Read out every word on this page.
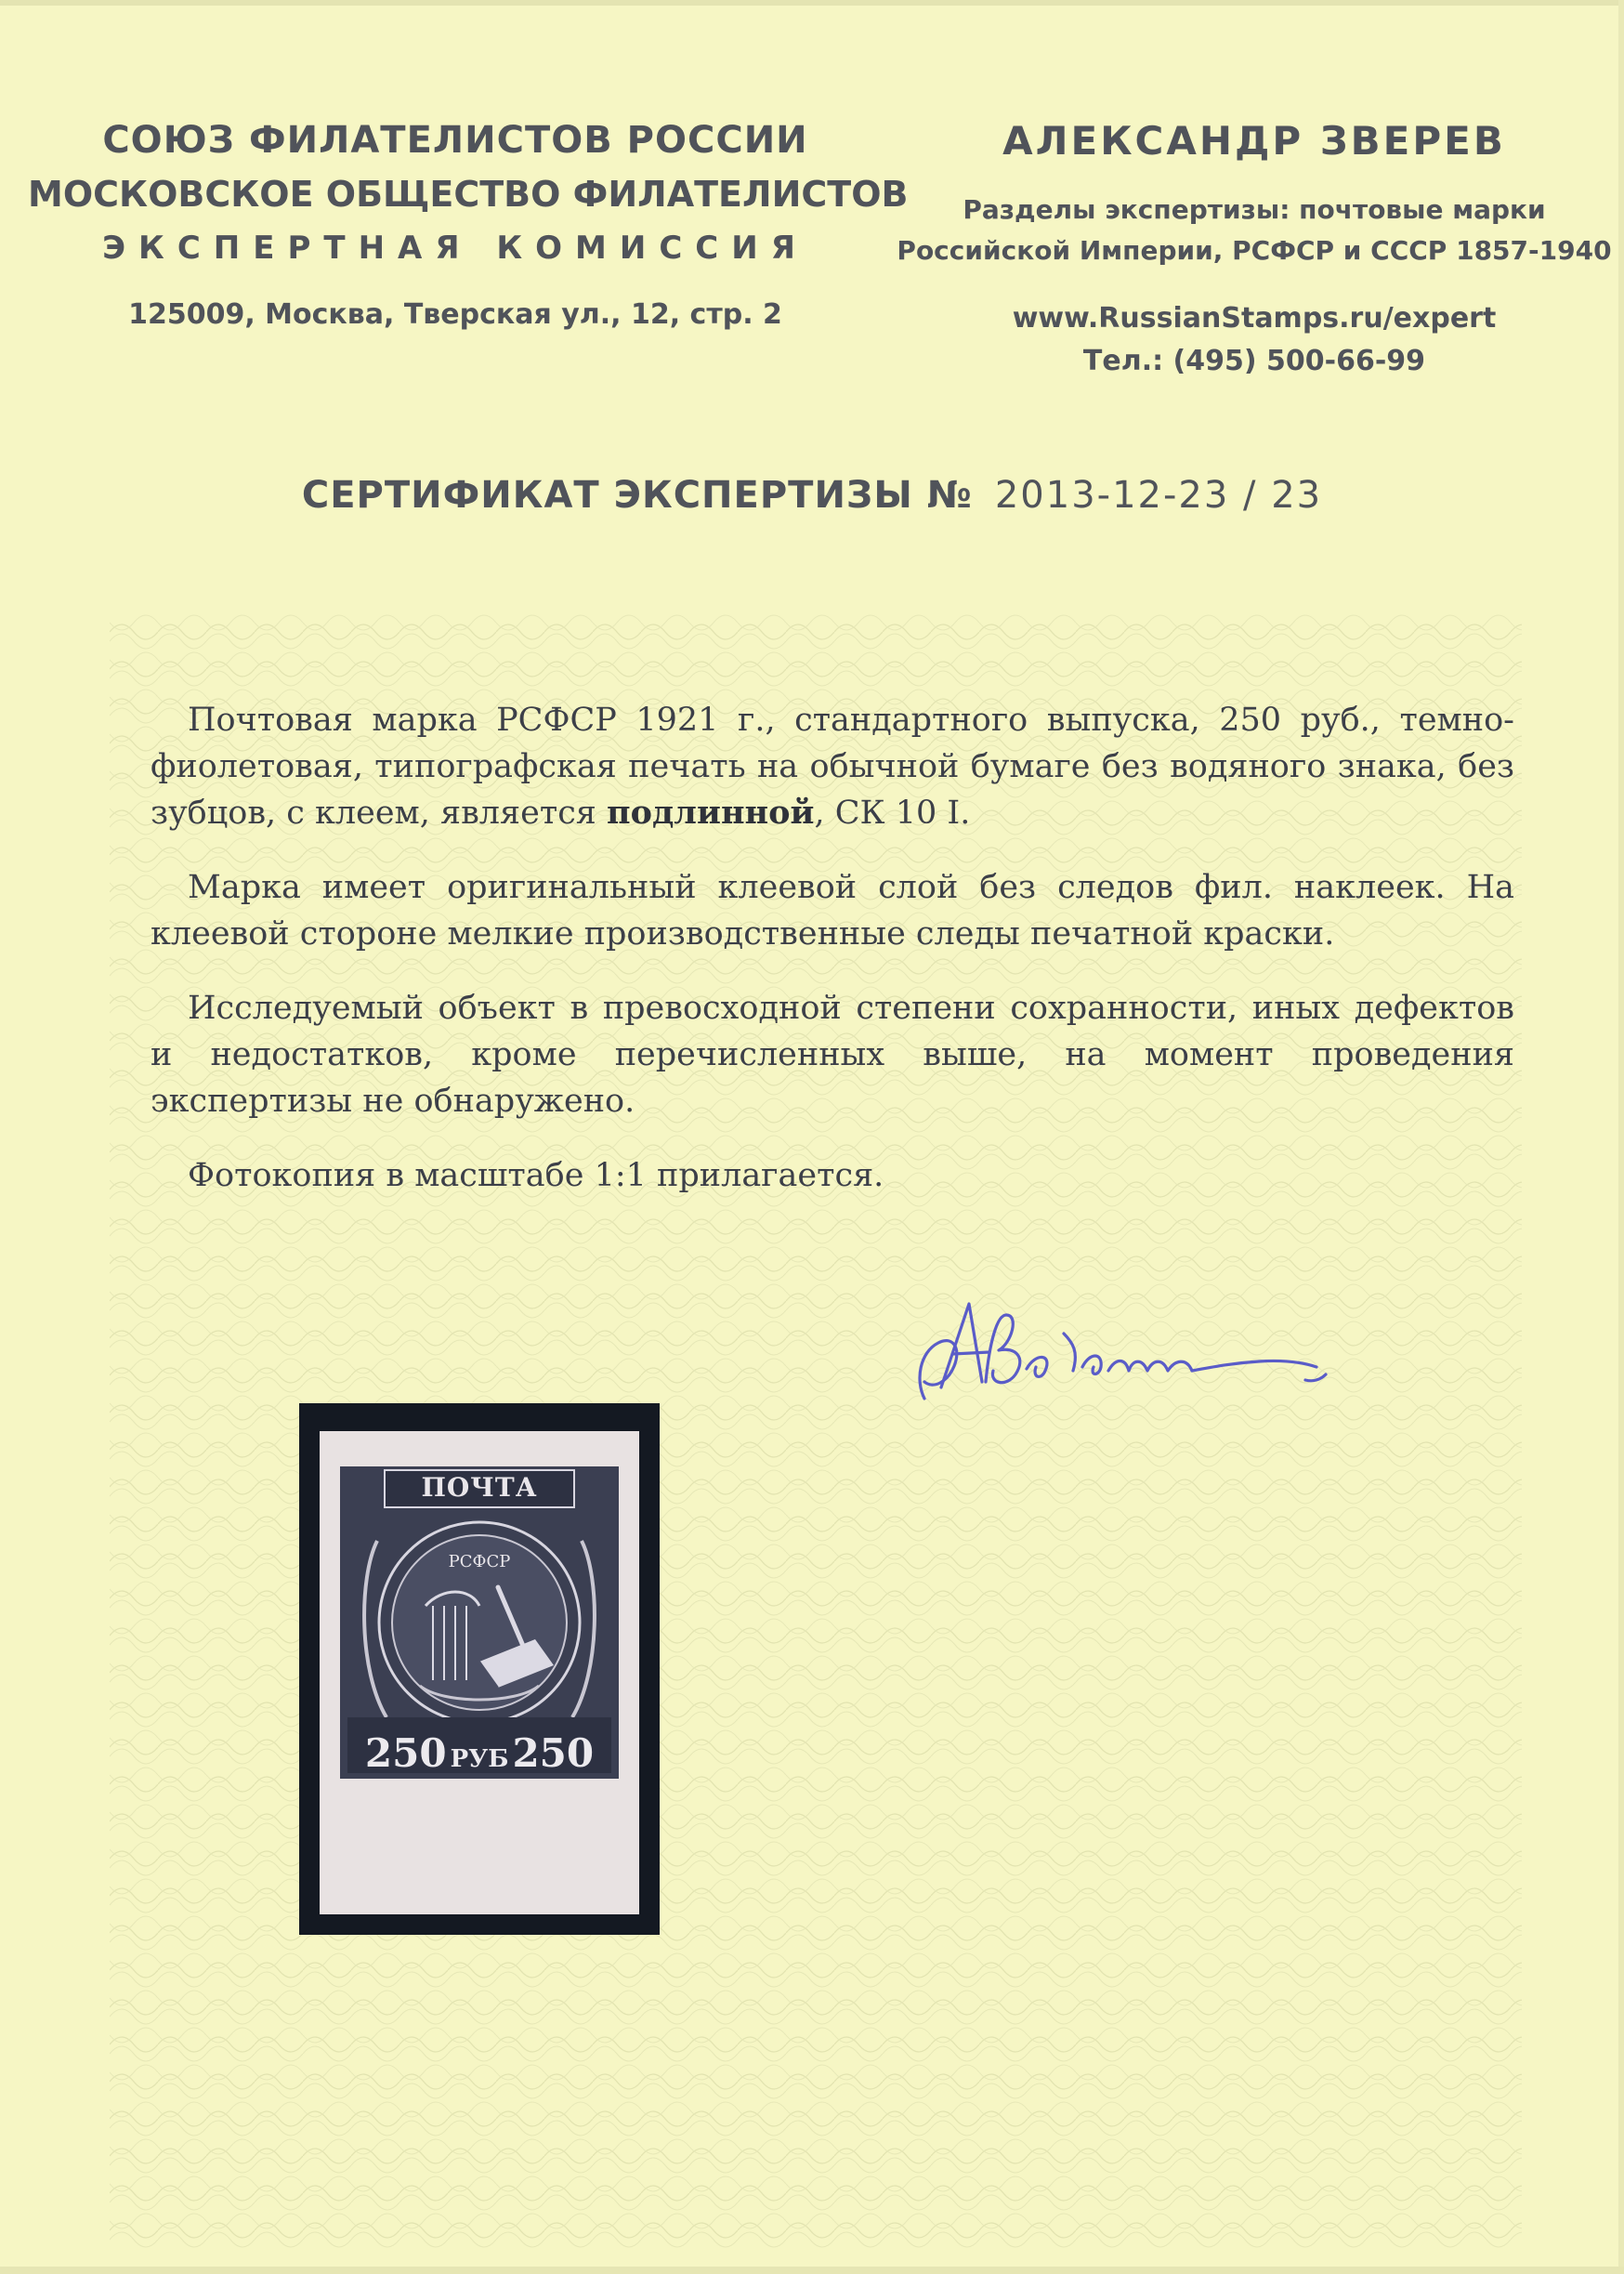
СОЮЗ ФИЛАТЕЛИСТОВ РОССИИ
МОСКОВСКОЕ ОБЩЕСТВО ФИЛАТЕЛИСТОВ
ЭКСПЕРТНАЯ КОМИССИЯ
125009, Москва, Тверская ул., 12, стр. 2
АЛЕКСАНДР ЗВЕРЕВ
Разделы экспертизы: почтовые марки
Российской Империи, РСФСР и СССР 1857-1940
www.RussianStamps.ru/expert
Тел.: (495) 500-66-99
СЕРТИФИКАТ ЭКСПЕРТИЗЫ № 2013-12-23 / 23

Почтовая марка РСФСР 1921 г., стандартного выпуска, 250 руб., темно-фиолетовая, типографская печать на обычной бумаге без водяного знака, без зубцов, с клеем, является подлинной, СК 10 I.

Марка имеет оригинальный клеевой слой без следов фил. наклеек. На клеевой стороне мелкие производственные следы печатной краски.

Исследуемый объект в превосходной степени сохранности, иных дефектов и недостатков, кроме перечисленных выше, на момент проведения экспертизы не обнаружено.

Фотокопия в масштабе 1:1 прилагается.

ПОЧТА
РСФСР
250 РУБ250
